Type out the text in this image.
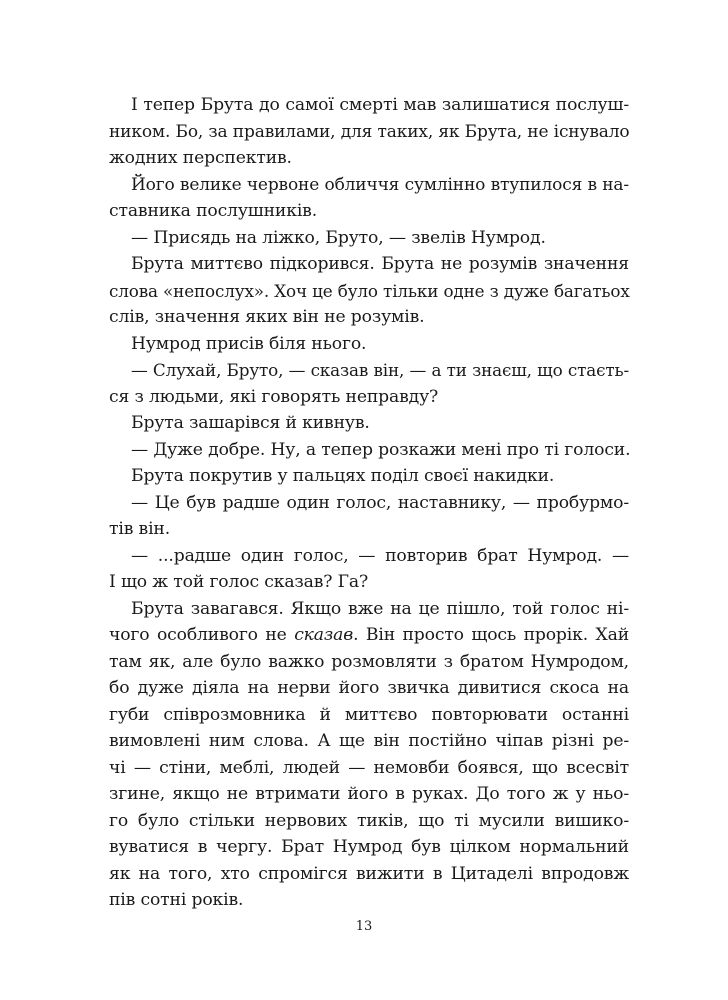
І тепер Брута до самої смерті мав залишатися послуш-
ником. Бо, за правилами, для таких, як Брута, не існувало
жодних перспектив.
Його велике червоне обличчя сумлінно втупилося в на-
ставника послушників.
— Присядь на ліжко, Бруто, — звелів Нумрод.
Брута миттєво підкорився. Брута не розумів значення
слова «непослух». Хоч це було тільки одне з дуже багатьох
слів, значення яких він не розумів.
Нумрод присів біля нього.
— Слухай, Бруто, — сказав він, — а ти знаєш, що стаєть-
ся з людьми, які говорять неправду?
Брута зашарівся й кивнув.
— Дуже добре. Ну, а тепер розкажи мені про ті голоси.
Брута покрутив у пальцях поділ своєї накидки.
— Це був радше один голос, наставнику, — пробурмо-
тів він.
— ...радше один голос, — повторив брат Нумрод. —
І що ж той голос сказав? Га?
Брута завагався. Якщо вже на це пішло, той голос ні-
чого особливого не сказав. Він просто щось прорік. Хай
там як, але було важко розмовляти з братом Нумродом,
бо дуже діяла на нерви його звичка дивитися скоса на
губи співрозмовника й миттєво повторювати останні
вимовлені ним слова. А ще він постійно чіпав різні ре-
чі — стіни, меблі, людей — немовби боявся, що всесвіт
згине, якщо не втримати його в руках. До того ж у ньо-
го було стільки нервових тиків, що ті мусили вишико-
вуватися в чергу. Брат Нумрод був цілком нормальний
як на того, хто спромігся вижити в Цитаделі впродовж
пів сотні років.
13
